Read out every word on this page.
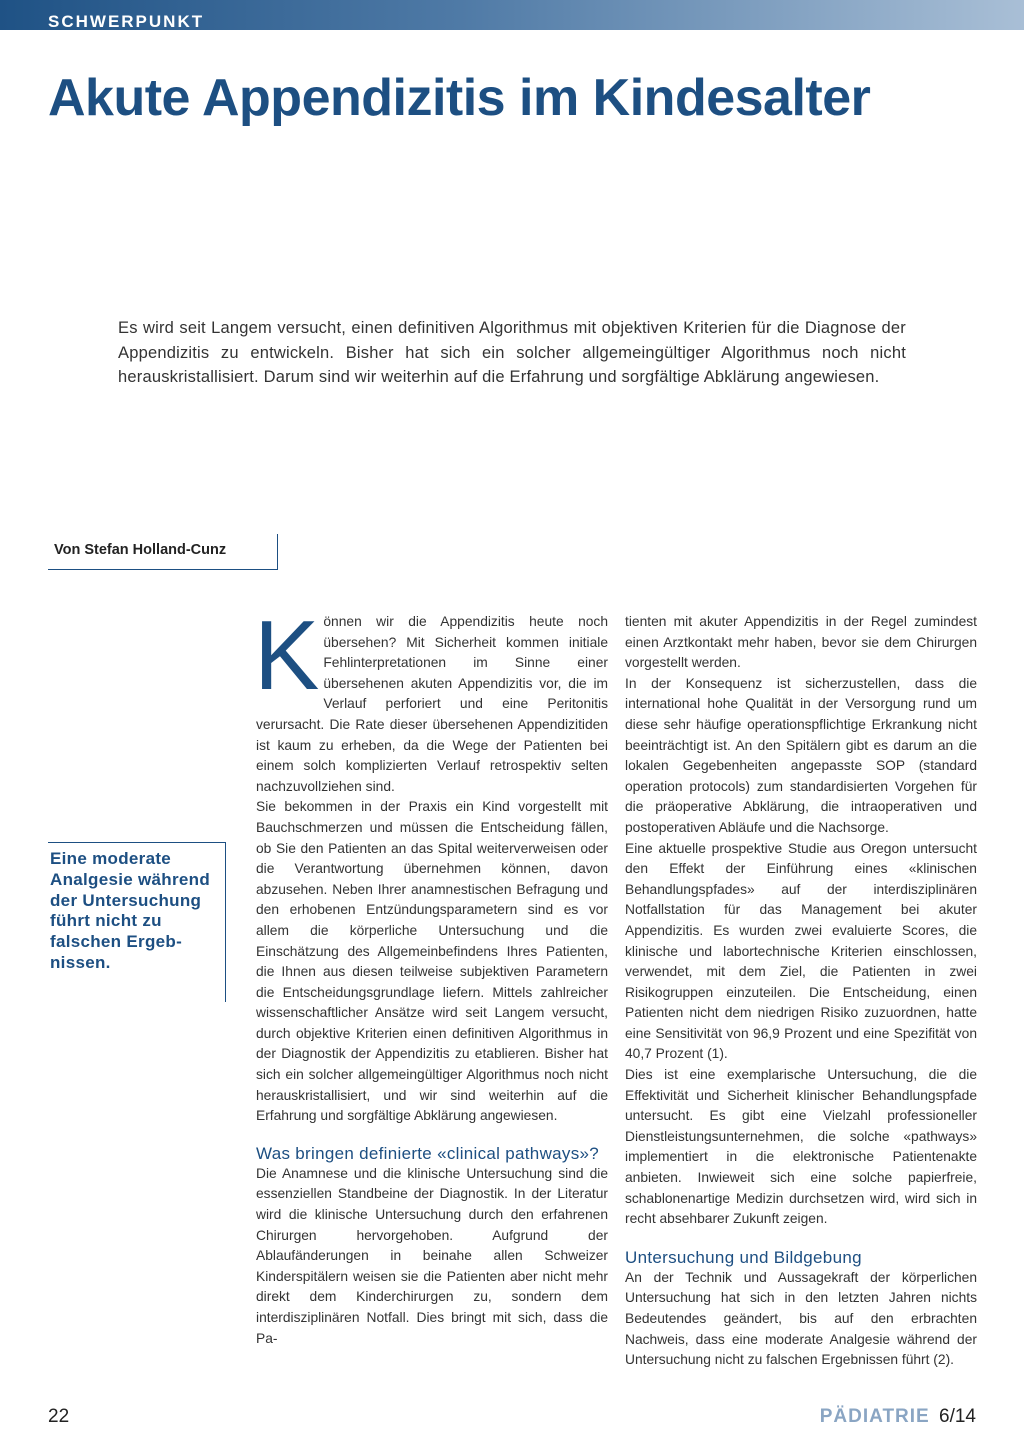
SCHWERPUNKT
Akute Appendizitis im Kindesalter

Es wird seit Langem versucht, einen definitiven Algorithmus mit objektiven Kriterien für die Diagnose der Appendizitis zu entwickeln. Bisher hat sich ein solcher allgemeingültiger Algorithmus noch nicht herauskristallisiert. Darum sind wir weiterhin auf die Erfahrung und sorgfältige Abklärung angewiesen.

Von Stefan Holland-Cunz

Eine moderate Analgesie während der Untersuchung führt nicht zu falschen Ergeb-nissen.

Können wir die Appendizitis heute noch übersehen? Mit Sicherheit kommen initiale Fehlinterpretationen im Sinne einer übersehenen akuten Appendizitis vor, die im Verlauf perforiert und eine Peritonitis verursacht. Die Rate dieser übersehenen Appendizitiden ist kaum zu erheben, da die Wege der Patienten bei einem solch komplizierten Verlauf retrospektiv selten nachzuvollziehen sind.

Sie bekommen in der Praxis ein Kind vorgestellt mit Bauchschmerzen und müssen die Entscheidung fällen, ob Sie den Patienten an das Spital weiterverweisen oder die Verantwortung übernehmen können, davon abzusehen. Neben Ihrer anamnestischen Befragung und den erhobenen Entzündungsparametern sind es vor allem die körperliche Untersuchung und die Einschätzung des Allgemeinbefindens Ihres Patienten, die Ihnen aus diesen teilweise subjektiven Parametern die Entscheidungsgrundlage liefern. Mittels zahlreicher wissenschaftlicher Ansätze wird seit Langem versucht, durch objektive Kriterien einen definitiven Algorithmus in der Diagnostik der Appendizitis zu etablieren. Bisher hat sich ein solcher allgemeingültiger Algorithmus noch nicht herauskristallisiert, und wir sind weiterhin auf die Erfahrung und sorgfältige Abklärung angewiesen.

Was bringen definierte «clinical pathways»?

Die Anamnese und die klinische Untersuchung sind die essenziellen Standbeine der Diagnostik. In der Literatur wird die klinische Untersuchung durch den erfahrenen Chirurgen hervorgehoben. Aufgrund der Ablaufänderungen in beinahe allen Schweizer Kinderspitälern weisen sie die Patienten aber nicht mehr direkt dem Kinderchirurgen zu, sondern dem interdisziplinären Notfall. Dies bringt mit sich, dass die Pa-

tienten mit akuter Appendizitis in der Regel zumindest einen Arztkontakt mehr haben, bevor sie dem Chirurgen vorgestellt werden.

In der Konsequenz ist sicherzustellen, dass die international hohe Qualität in der Versorgung rund um diese sehr häufige operationspflichtige Erkrankung nicht beeinträchtigt ist. An den Spitälern gibt es darum an die lokalen Gegebenheiten angepasste SOP (standard operation protocols) zum standardisierten Vorgehen für die präoperative Abklärung, die intraoperativen und postoperativen Abläufe und die Nachsorge.

Eine aktuelle prospektive Studie aus Oregon untersucht den Effekt der Einführung eines «klinischen Behandlungspfades» auf der interdisziplinären Notfallstation für das Management bei akuter Appendizitis. Es wurden zwei evaluierte Scores, die klinische und labortechnische Kriterien einschlossen, verwendet, mit dem Ziel, die Patienten in zwei Risikogruppen einzuteilen. Die Entscheidung, einen Patienten nicht dem niedrigen Risiko zuzuordnen, hatte eine Sensitivität von 96,9 Prozent und eine Spezifität von 40,7 Prozent (1).

Dies ist eine exemplarische Untersuchung, die die Effektivität und Sicherheit klinischer Behandlungspfade untersucht. Es gibt eine Vielzahl professioneller Dienstleistungsunternehmen, die solche «pathways» implementiert in die elektronische Patientenakte anbieten. Inwieweit sich eine solche papierfreie, schablonenartige Medizin durchsetzen wird, wird sich in recht absehbarer Zukunft zeigen.

Untersuchung und Bildgebung

An der Technik und Aussagekraft der körperlichen Untersuchung hat sich in den letzten Jahren nichts Bedeutendes geändert, bis auf den erbrachten Nachweis, dass eine moderate Analgesie während der Untersuchung nicht zu falschen Ergebnissen führt (2).

22	PÄDIATRIE 6/14
